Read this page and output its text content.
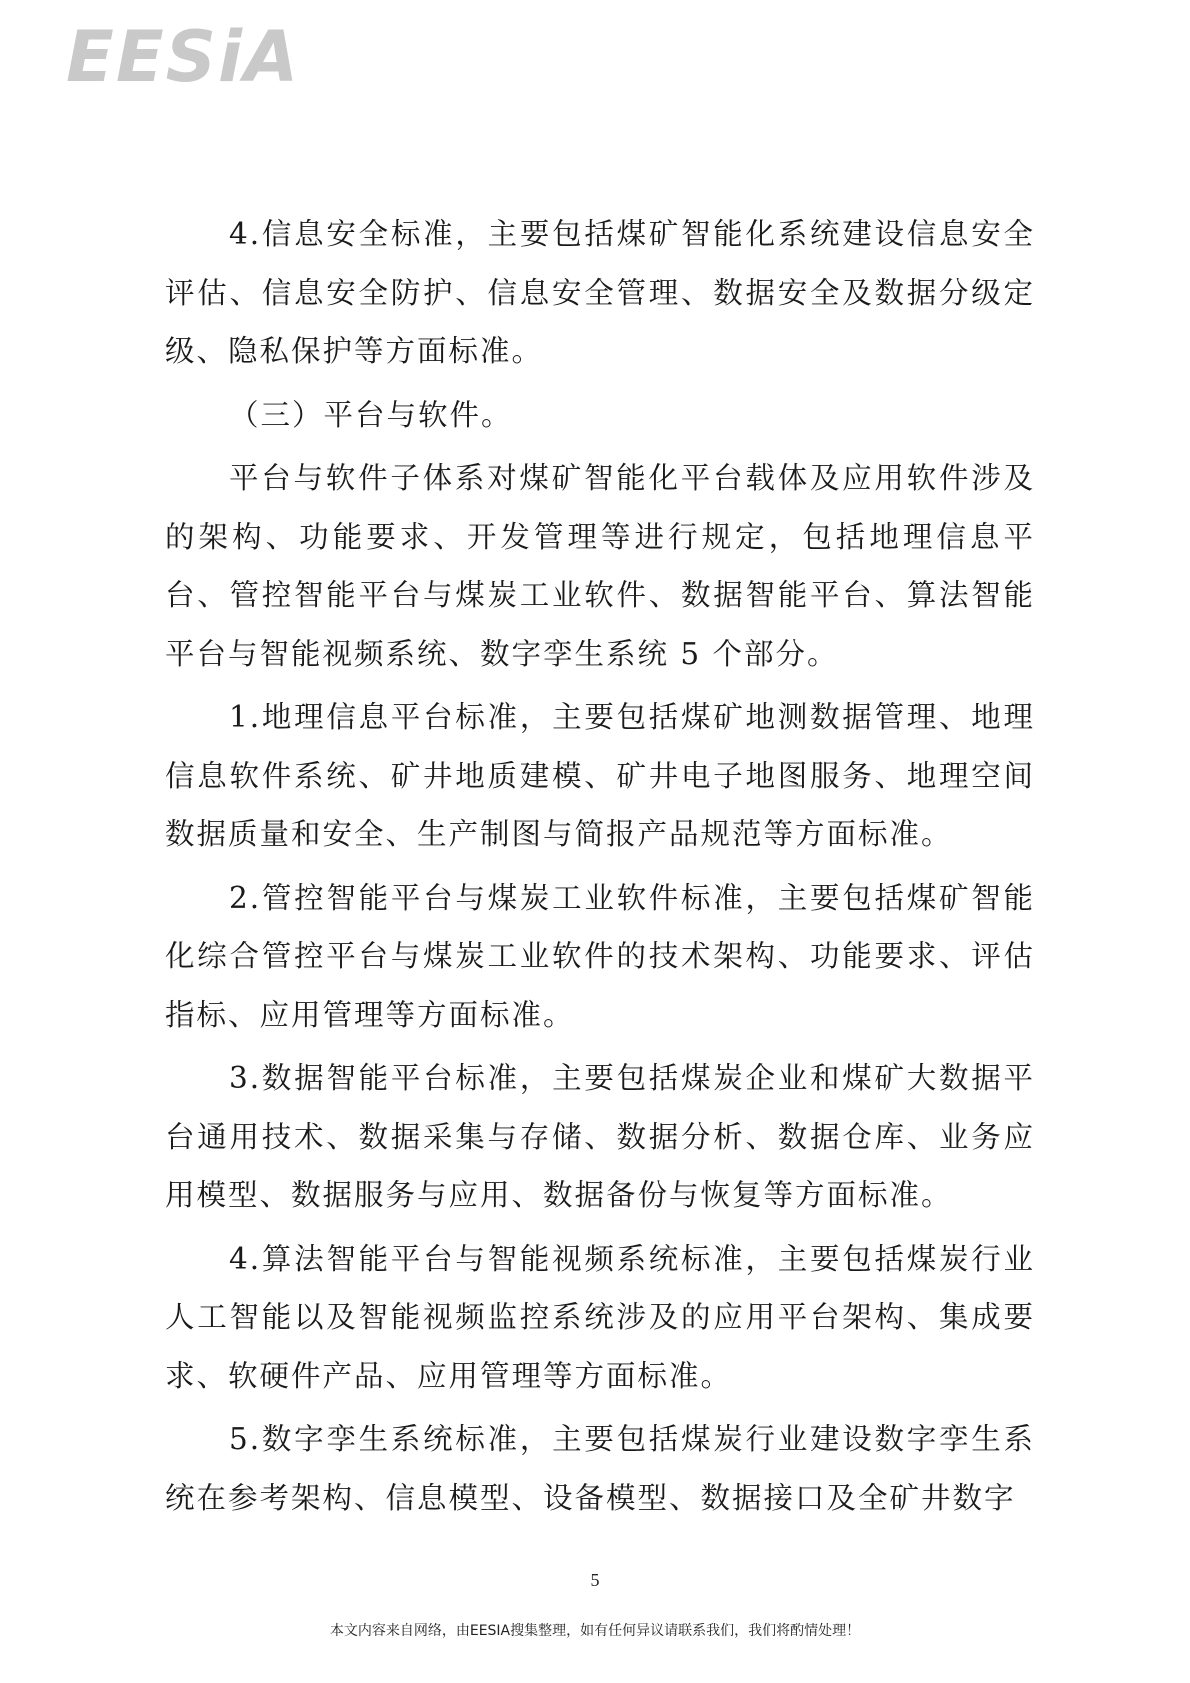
EESiA

4.信息安全标准，主要包括煤矿智能化系统建设信息安全评估、信息安全防护、信息安全管理、数据安全及数据分级定级、隐私保护等方面标准。

（三）平台与软件。

平台与软件子体系对煤矿智能化平台载体及应用软件涉及的架构、功能要求、开发管理等进行规定，包括地理信息平台、管控智能平台与煤炭工业软件、数据智能平台、算法智能平台与智能视频系统、数字孪生系统 5 个部分。

1.地理信息平台标准，主要包括煤矿地测数据管理、地理信息软件系统、矿井地质建模、矿井电子地图服务、地理空间数据质量和安全、生产制图与简报产品规范等方面标准。

2.管控智能平台与煤炭工业软件标准，主要包括煤矿智能化综合管控平台与煤炭工业软件的技术架构、功能要求、评估指标、应用管理等方面标准。

3.数据智能平台标准，主要包括煤炭企业和煤矿大数据平台通用技术、数据采集与存储、数据分析、数据仓库、业务应用模型、数据服务与应用、数据备份与恢复等方面标准。

4.算法智能平台与智能视频系统标准，主要包括煤炭行业人工智能以及智能视频监控系统涉及的应用平台架构、集成要求、软硬件产品、应用管理等方面标准。

5.数字孪生系统标准，主要包括煤炭行业建设数字孪生系统在参考架构、信息模型、设备模型、数据接口及全矿井数字

5
本文内容来自网络，由EESIA搜集整理，如有任何异议请联系我们，我们将酌情处理！
